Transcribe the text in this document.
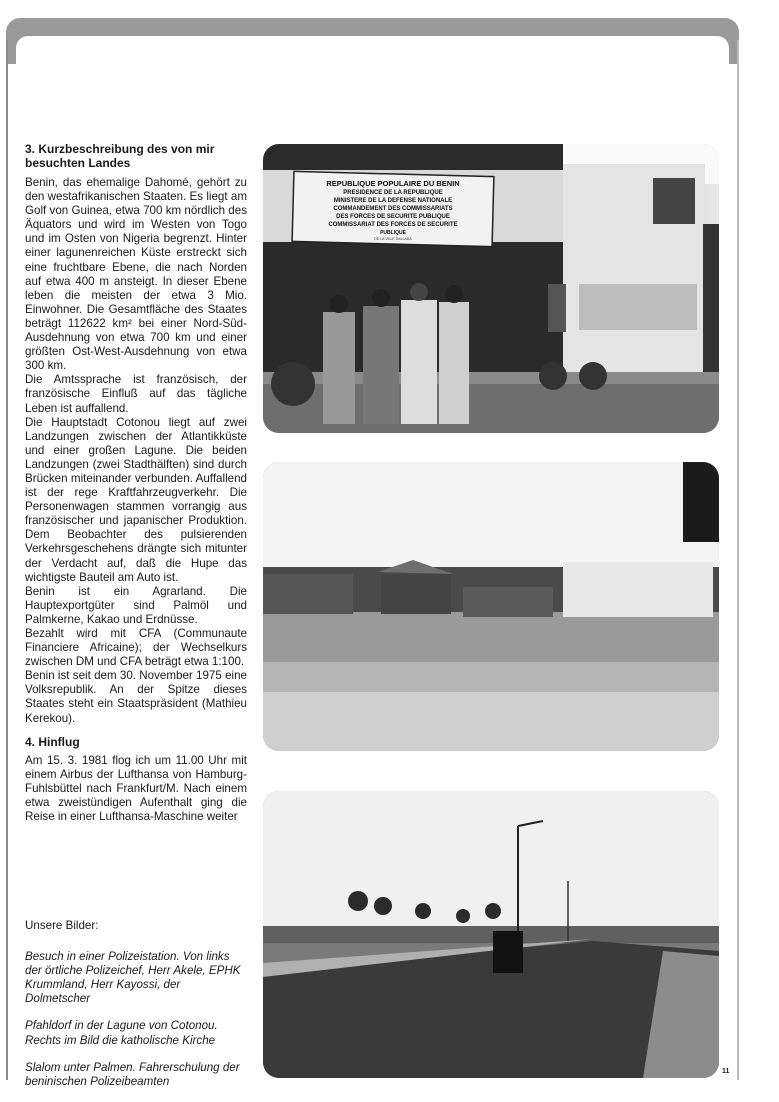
3. Kurzbeschreibung des von mir besuchten Landes

Benin, das ehemalige Dahomé, gehört zu den westafrikanischen Staaten. Es liegt am Golf von Guinea, etwa 700 km nördlich des Äquators und wird im Westen von Togo und im Osten von Nigeria begrenzt. Hinter einer lagunenreichen Küste erstreckt sich eine fruchtbare Ebene, die nach Norden auf etwa 400 m ansteigt. In dieser Ebene leben die meisten der etwa 3 Mio. Einwohner. Die Gesamtfläche des Staates beträgt 112622 km² bei einer Nord-Süd-Ausdehnung von etwa 700 km und einer größten Ost-West-Ausdehnung von etwa 300 km.

Die Amtssprache ist französisch, der französische Einfluß auf das tägliche Leben ist auffallend.

Die Hauptstadt Cotonou liegt auf zwei Landzungen zwischen der Atlantikküste und einer großen Lagune. Die beiden Landzungen (zwei Stadthälften) sind durch Brücken miteinander verbunden. Auffallend ist der rege Kraftfahrzeugverkehr. Die Personenwagen stammen vorrangig aus französischer und japanischer Produktion. Dem Beobachter des pulsierenden Verkehrsgeschehens drängte sich mitunter der Verdacht auf, daß die Hupe das wichtigste Bauteil am Auto ist.

Benin ist ein Agrarland. Die Hauptexportgüter sind Palmöl und Palmkerne, Kakao und Erdnüsse.

Bezahlt wird mit CFA (Communaute Financiere Africaine); der Wechselkurs zwischen DM und CFA beträgt etwa 1:100.

Benin ist seit dem 30. November 1975 eine Volksrepublik. An der Spitze dieses Staates steht ein Staatspräsident (Mathieu Kerekou).

4. Hinflug

Am 15. 3. 1981 flog ich um 11.00 Uhr mit einem Airbus der Lufthansa von Hamburg-Fuhlsbüttel nach Frankfurt/M. Nach einem etwa zweistündigen Aufenthalt ging die Reise in einer Lufthansa-Maschine weiter

Unsere Bilder:

Besuch in einer Polizeistation. Von links der örtliche Polizeichef, Herr Akele, EPHK Krummland, Herr Kayossi, der Dolmetscher

Pfahldorf in der Lagune von Cotonou. Rechts im Bild die katholische Kirche

Slalom unter Palmen. Fahrerschulung der beninischen Polizeibeamten

REPUBLIQUE POPULAIRE DU BENIN
PRESIDENCE DE LA REPUBLIQUE
MINISTERE DE LA DEFENSE NATIONALE
COMMANDEMENT DES COMMISSARIATS
DES FORCES DE SECURITE PUBLIQUE
COMMISSARIAT DES FORCES DE SECURITE
PUBLIQUE
DE LA VILLE DALLADA
11
